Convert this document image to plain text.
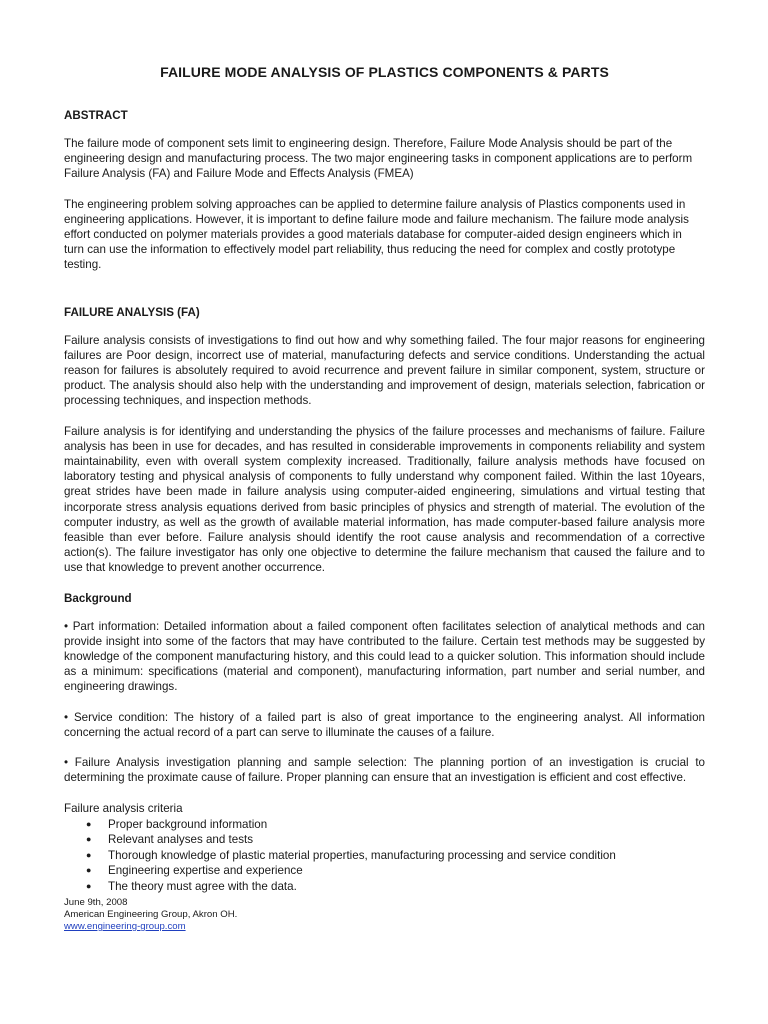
FAILURE MODE ANALYSIS OF PLASTICS COMPONENTS & PARTS
ABSTRACT

The failure mode of component sets limit to engineering design. Therefore, Failure Mode Analysis should be part of the engineering design and manufacturing process. The two major engineering tasks in component applications are to perform Failure Analysis (FA) and Failure Mode and Effects Analysis (FMEA)

The engineering problem solving approaches can be applied to determine failure analysis of Plastics components used in engineering applications. However, it is important to define failure mode and failure mechanism. The failure mode analysis effort conducted on polymer materials provides a good materials database for computer-aided design engineers which in turn can use the information to effectively model part reliability, thus reducing the need for complex and costly prototype testing.

FAILURE ANALYSIS (FA)

Failure analysis consists of investigations to find out how and why something failed. The four major reasons for engineering failures are Poor design, incorrect use of material, manufacturing defects and service conditions. Understanding the actual reason for failures is absolutely required to avoid recurrence and prevent failure in similar component, system, structure or product. The analysis should also help with the understanding and improvement of design, materials selection, fabrication or processing techniques, and inspection methods.

Failure analysis is for identifying and understanding the physics of the failure processes and mechanisms of failure. Failure analysis has been in use for decades, and has resulted in considerable improvements in components reliability and system maintainability, even with overall system complexity increased. Traditionally, failure analysis methods have focused on laboratory testing and physical analysis of components to fully understand why component failed. Within the last 10years, great strides have been made in failure analysis using computer-aided engineering, simulations and virtual testing that incorporate stress analysis equations derived from basic principles of physics and strength of material. The evolution of the computer industry, as well as the growth of available material information, has made computer-based failure analysis more feasible than ever before. Failure analysis should identify the root cause analysis and recommendation of a corrective action(s). The failure investigator has only one objective to determine the failure mechanism that caused the failure and to use that knowledge to prevent another occurrence.

Background

• Part information: Detailed information about a failed component often facilitates selection of analytical methods and can provide insight into some of the factors that may have contributed to the failure. Certain test methods may be suggested by knowledge of the component manufacturing history, and this could lead to a quicker solution. This information should include as a minimum: specifications (material and component), manufacturing information, part number and serial number, and engineering drawings.

• Service condition: The history of a failed part is also of great importance to the engineering analyst. All information concerning the actual record of a part can serve to illuminate the causes of a failure.

• Failure Analysis investigation planning and sample selection: The planning portion of an investigation is crucial to determining the proximate cause of failure. Proper planning can ensure that an investigation is efficient and cost effective.

Failure analysis criteria
● Proper background information
● Relevant analyses and tests
● Thorough knowledge of plastic material properties, manufacturing processing and service condition
● Engineering expertise and experience
● The theory must agree with the data.
June 9th, 2008
American Engineering Group, Akron OH.
www.engineering-group.com
